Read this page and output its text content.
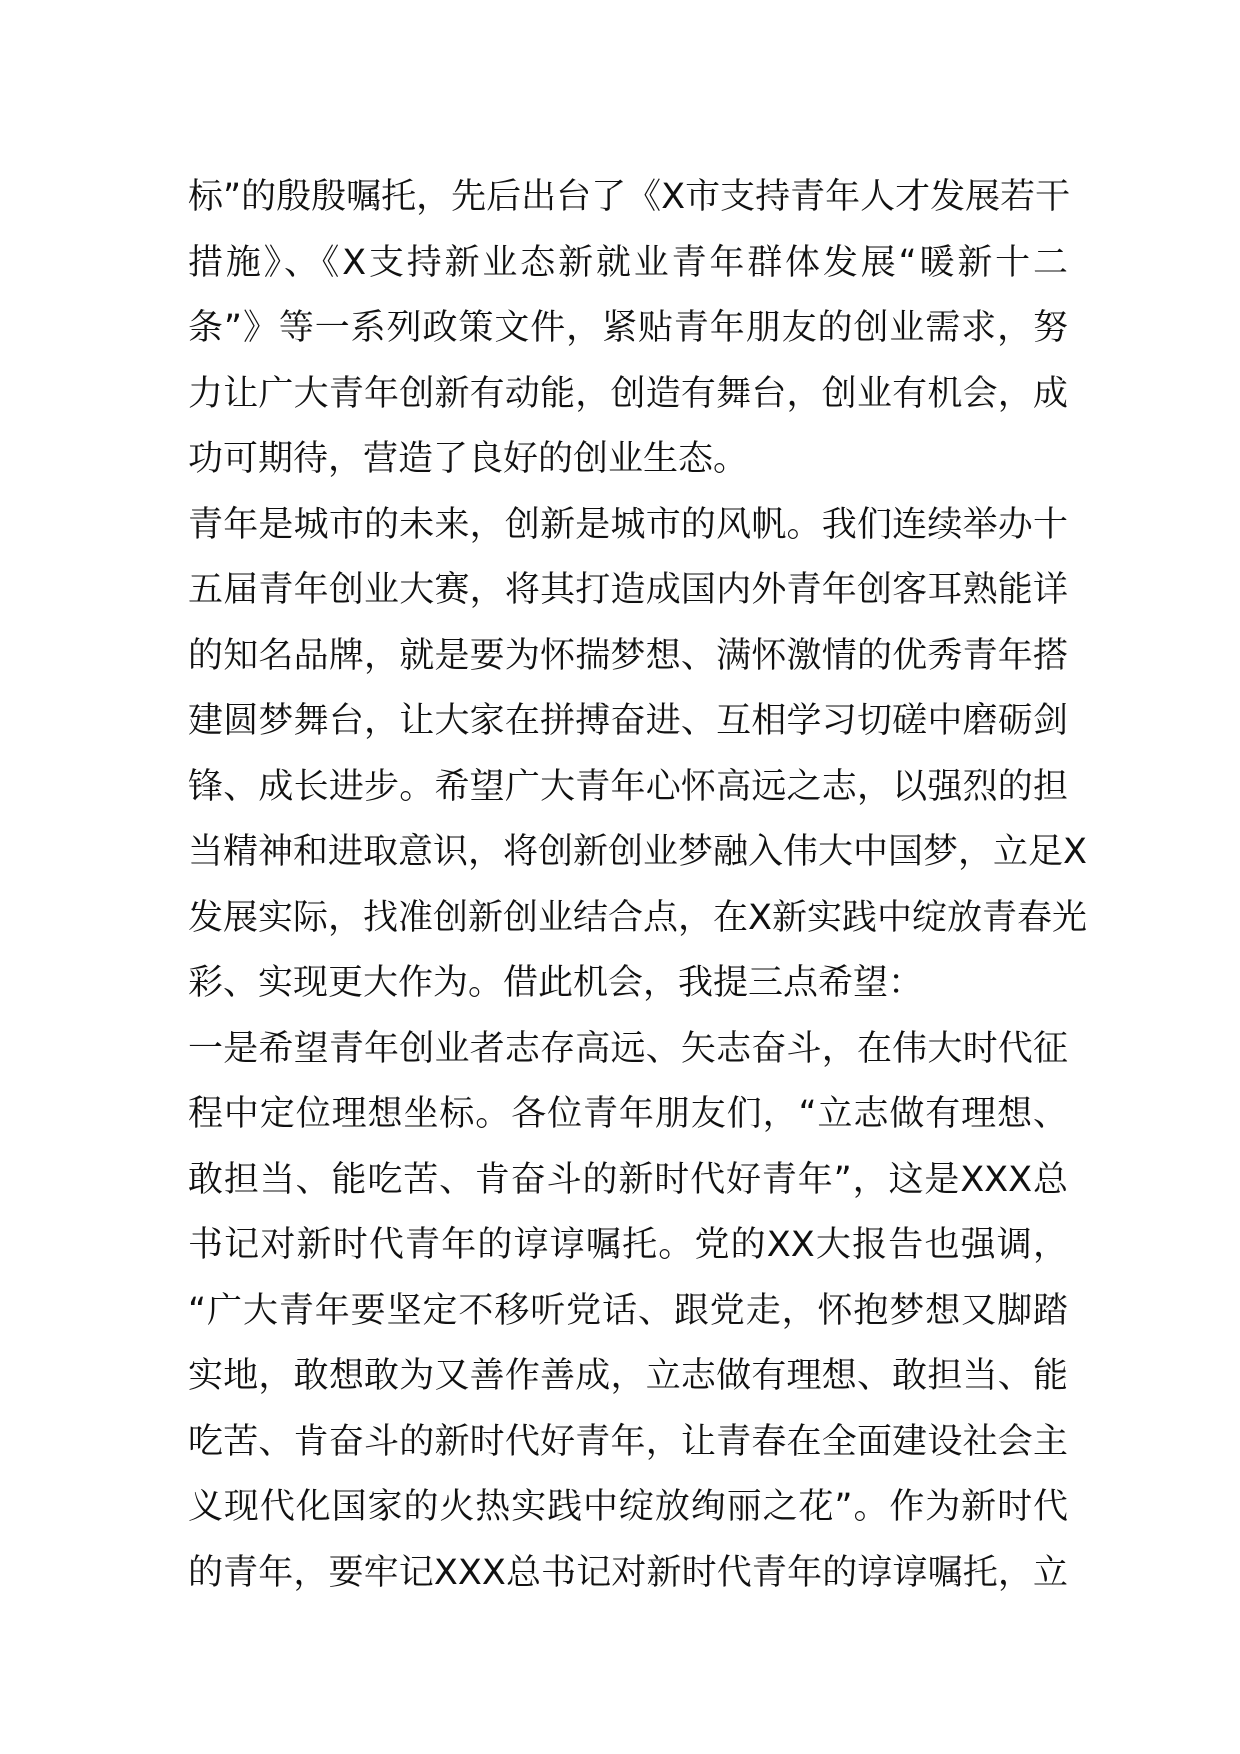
标”的殷殷嘱托，先后出台了《X市支持青年人才发展若干
措施》、《X支持新业态新就业青年群体发展“暖新十二
条”》等一系列政策文件，紧贴青年朋友的创业需求，努
力让广大青年创新有动能，创造有舞台，创业有机会，成
功可期待，营造了良好的创业生态。
青年是城市的未来，创新是城市的风帆。我们连续举办十
五届青年创业大赛，将其打造成国内外青年创客耳熟能详
的知名品牌，就是要为怀揣梦想、满怀激情的优秀青年搭
建圆梦舞台，让大家在拼搏奋进、互相学习切磋中磨砺剑
锋、成长进步。希望广大青年心怀高远之志，以强烈的担
当精神和进取意识，将创新创业梦融入伟大中国梦，立足X
发展实际，找准创新创业结合点，在X新实践中绽放青春光
彩、实现更大作为。借此机会，我提三点希望：
一是希望青年创业者志存高远、矢志奋斗，在伟大时代征
程中定位理想坐标。各位青年朋友们，“立志做有理想、
敢担当、能吃苦、肯奋斗的新时代好青年”，这是XXX总
书记对新时代青年的谆谆嘱托。党的XX大报告也强调，
“广大青年要坚定不移听党话、跟党走，怀抱梦想又脚踏
实地，敢想敢为又善作善成，立志做有理想、敢担当、能
吃苦、肯奋斗的新时代好青年，让青春在全面建设社会主
义现代化国家的火热实践中绽放绚丽之花”。作为新时代
的青年，要牢记XXX总书记对新时代青年的谆谆嘱托，立
